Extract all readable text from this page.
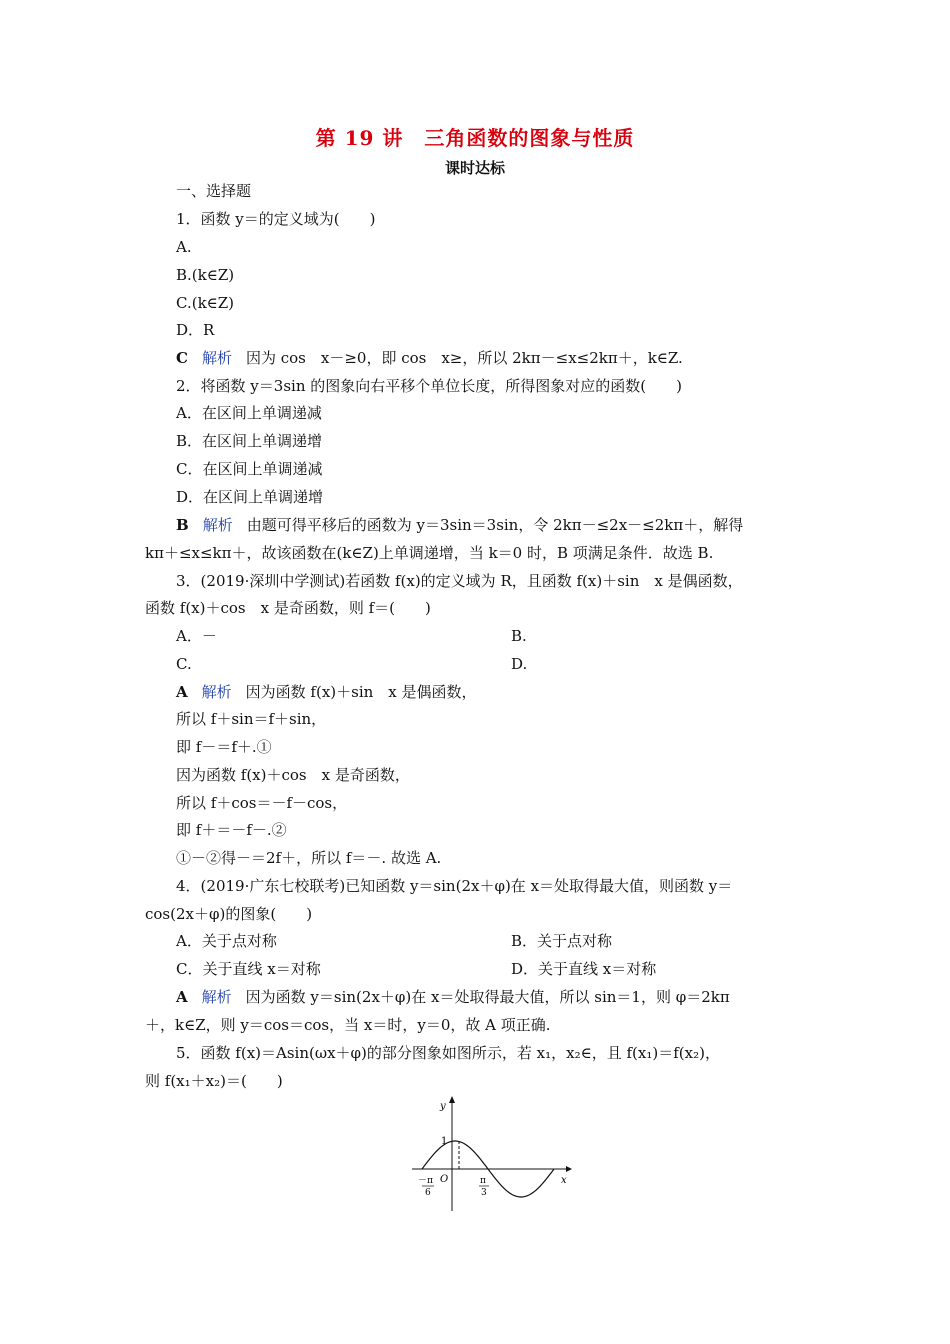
第 19 讲　三角函数的图象与性质
课时达标
一、选择题
1．函数 y＝的定义域为(　　)
A.
B.(k∈Z)
C.(k∈Z)
D．R
C 解析 因为 cos　x－≥0，即 cos　x≥，所以 2kπ－≤x≤2kπ＋，k∈Z.
2．将函数 y＝3sin 的图象向右平移个单位长度，所得图象对应的函数(　　)
A．在区间上单调递减
B．在区间上单调递增
C．在区间上单调递减
D．在区间上单调递增
B 解析 由题可得平移后的函数为 y＝3sin＝3sin，令 2kπ－≤2x－≤2kπ＋，解得
kπ＋≤x≤kπ＋，故该函数在(k∈Z)上单调递增，当 k＝0 时，B 项满足条件．故选 B.
3．(2019·深圳中学测试)若函数 f(x)的定义域为 R，且函数 f(x)＋sin　x 是偶函数，
函数 f(x)＋cos　x 是奇函数，则 f＝(　　)
A．－	B.
C.	D.
A 解析 因为函数 f(x)＋sin　x 是偶函数，
所以 f＋sin＝f＋sin，
即 f－＝f＋.①
因为函数 f(x)＋cos　x 是奇函数，
所以 f＋cos＝－f－cos，
即 f＋＝－f－.②
①－②得－＝2f＋，所以 f＝－. 故选 A.
4．(2019·广东七校联考)已知函数 y＝sin(2x＋φ)在 x＝处取得最大值，则函数 y＝
cos(2x＋φ)的图象(　　)
A．关于点对称	B．关于点对称
C．关于直线 x＝对称	D．关于直线 x＝对称
A 解析 因为函数 y＝sin(2x＋φ)在 x＝处取得最大值，所以 sin＝1，则 φ＝2kπ
＋，k∈Z，则 y＝cos＝cos，当 x＝时，y＝0，故 A 项正确.
5．函数 f(x)＝Asin(ωx＋φ)的部分图象如图所示，若 x₁，x₂∈，且 f(x₁)＝f(x₂)，
则 f(x₁＋x₂)＝(　　)
y
x
O
1
－π
6
π
3
